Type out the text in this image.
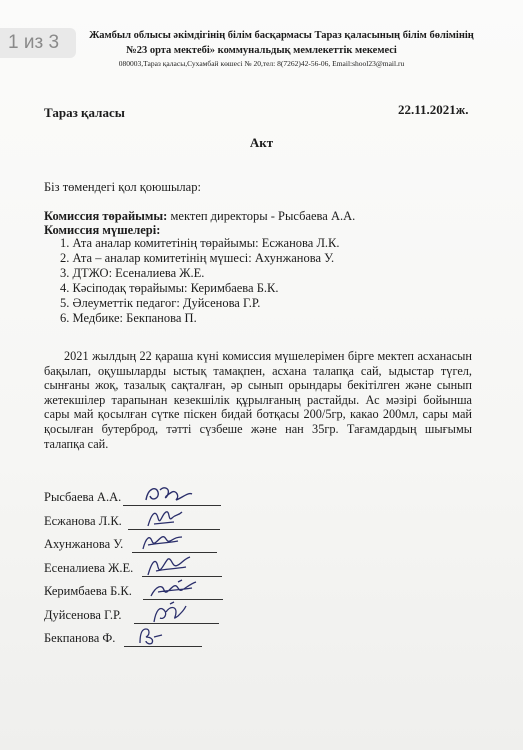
1 из 3	Жамбыл облысы әкімдігінің білім басқармасы Тараз қаласының білім бөлімінің
№23 орта мектебі» коммунальдық мемлекеттік мекемесі
080003,Тараз қаласы,Сухамбай көшесі № 20,тел: 8(7262)42-56-06, Email:shool23@mail.ru
Тараз қаласы	22.11.2021ж.
Акт
Біз төмендегі қол қоюшылар:
Комиссия төрайымы: мектеп директоры - Рысбаева А.А.
Комиссия мүшелері:
1. Ата аналар комитетінің төрайымы: Есжанова Л.К.
2. Ата – аналар комитетінің мүшесі: Ахунжанова У.
3. ДТЖО: Есеналиева Ж.Е.
4. Кәсіподақ төрайымы: Керимбаева Б.К.
5. Әлеуметтік педагог: Дуйсенова Г.Р.
6. Медбике: Бекпанова П.
2021 жылдың 22 қараша күні комиссия мүшелерімен бірге мектеп асханасын бақылап, оқушыларды ыстық тамақпен, асхана талапқа сай, ыдыстар түгел, сынғаны жоқ, тазалық сақталған, әр сынып орындары бекітілген және сынып жетекшілер тарапынан кезекшілік құрылғаның растайды. Ас мәзірі бойынша сары май қосылған сүтке піскен бидай ботқасы 200/5гр, какао 200мл, сары май қосылған бутерброд, тәтті сүзбеше және нан 35гр. Тағамдардың шығымы талапқа сай.
Рысбаева А.А.
Есжанова Л.К.
Ахунжанова У.
Есеналиева Ж.Е.
Керимбаева Б.К.
Дуйсенова Г.Р.
Бекпанова Ф.
